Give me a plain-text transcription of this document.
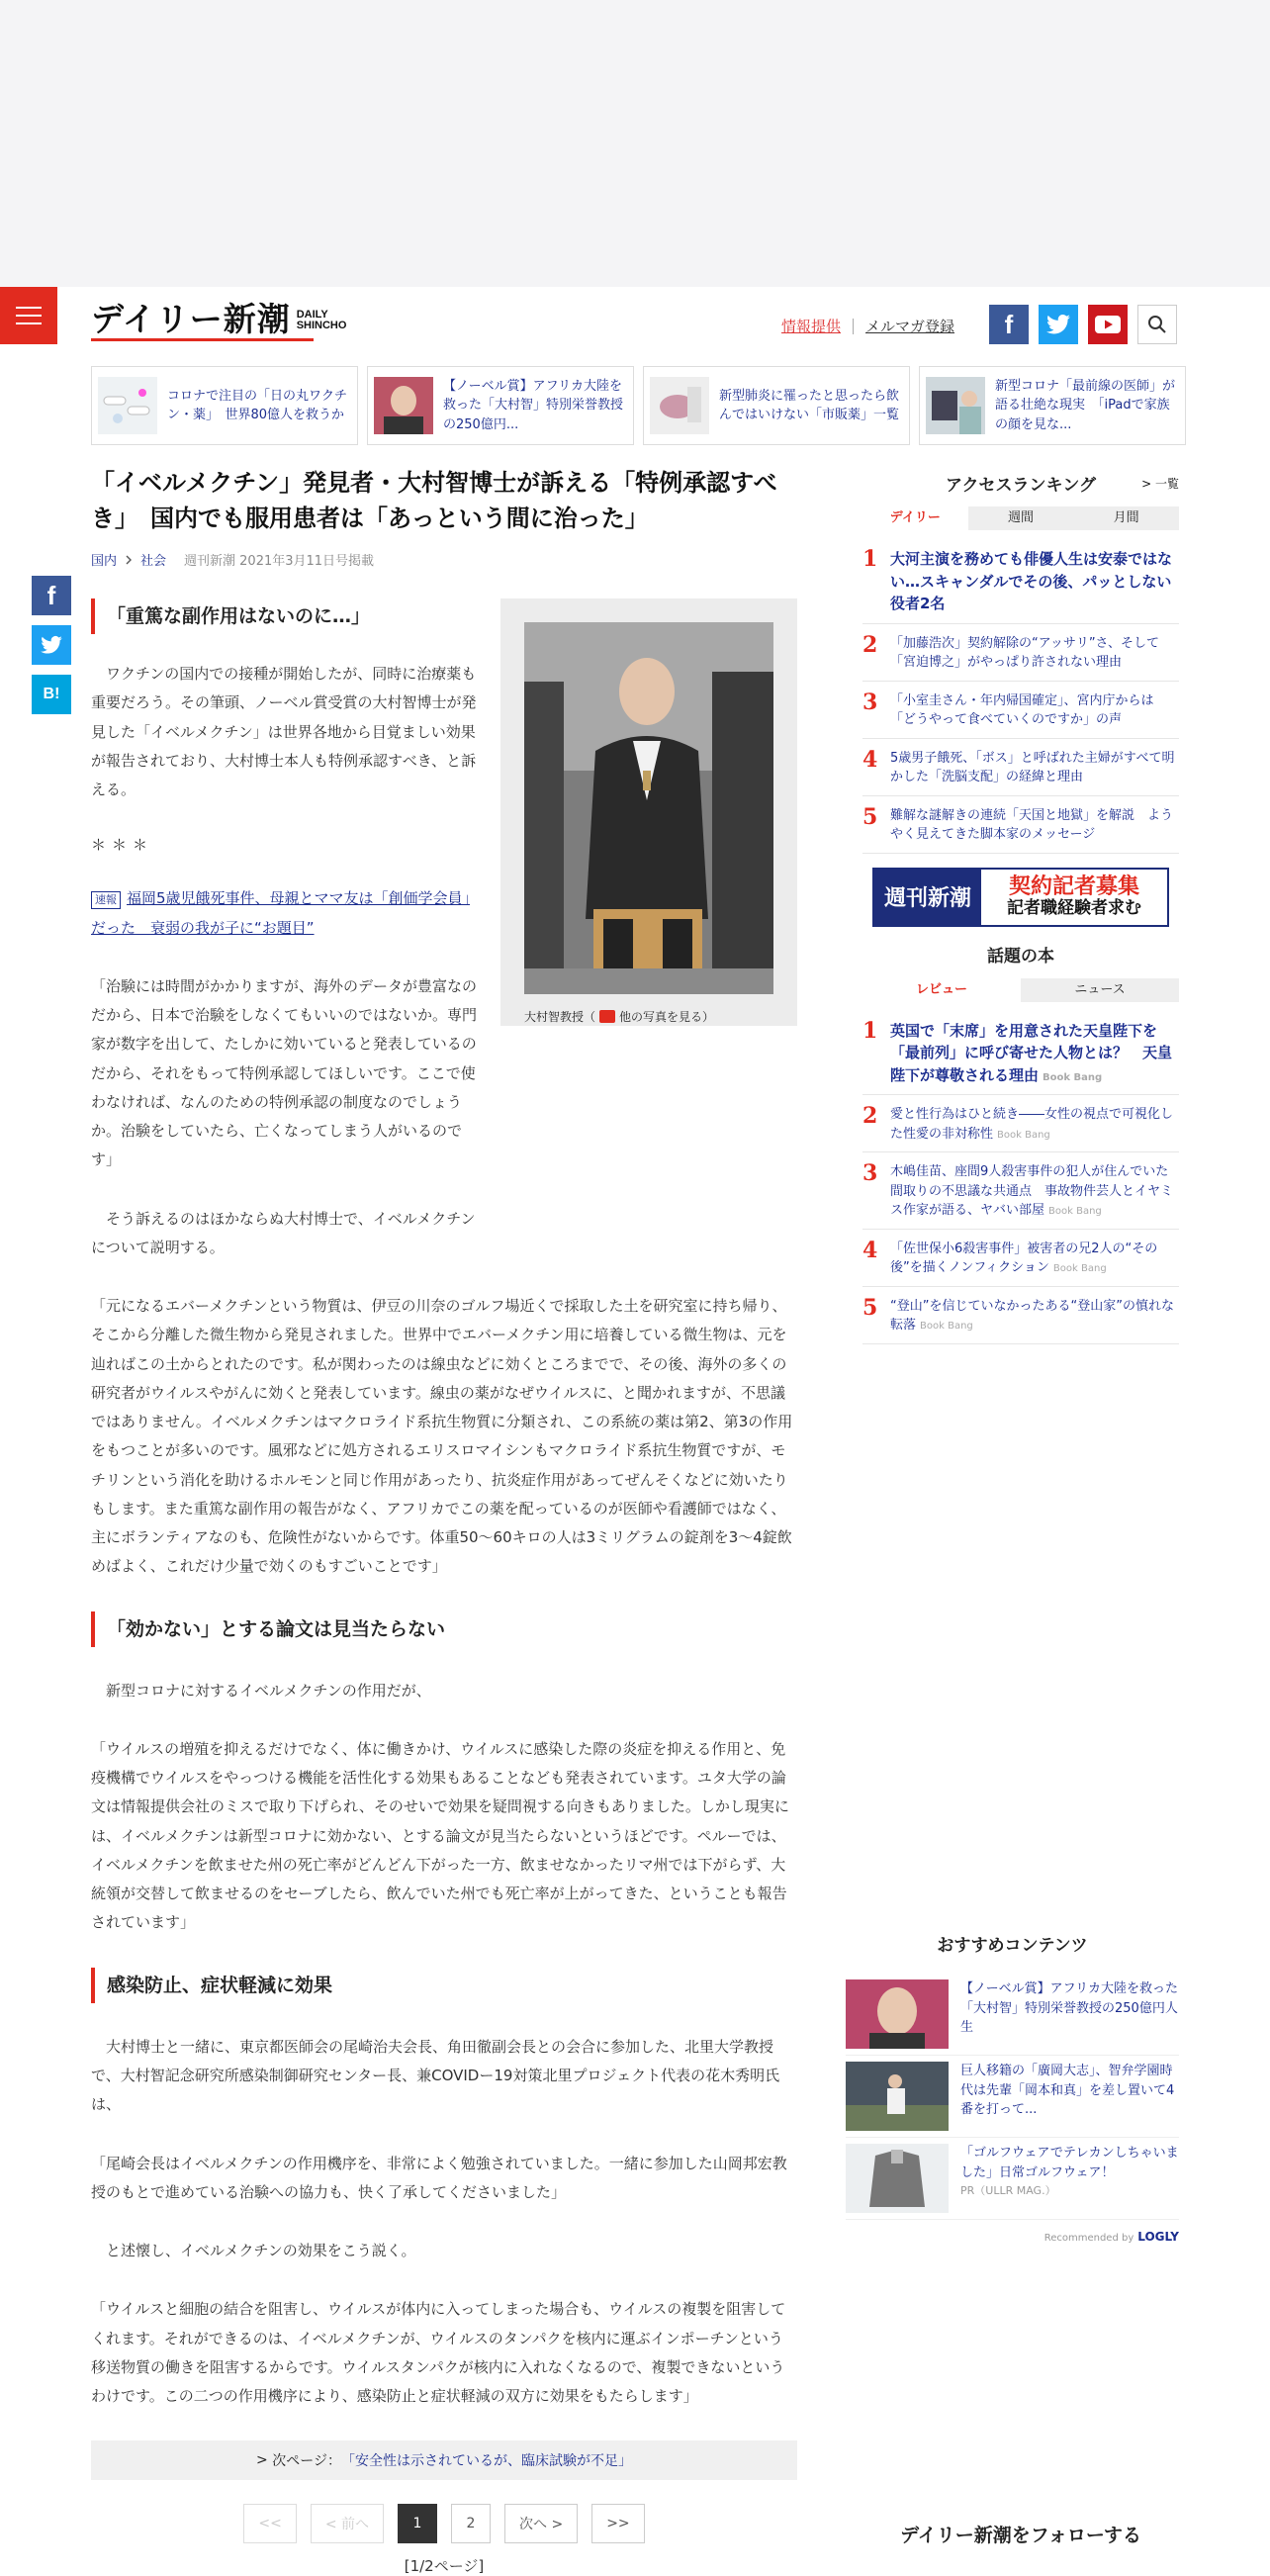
デイリー新潮 DAILY
SHINCHO	情報提供 メルマガ登録	f
コロナで注目の「日の丸ワクチン・薬」　世界80億人を救うか
【ノーベル賞】アフリカ大陸を救った「大村智」特別栄誉教授の250億円...
新型肺炎に罹ったと思ったら飲んではいけない「市販薬」一覧
新型コロナ「最前線の医師」が語る壮絶な現実　「iPadで家族の顔を見な...
f
B!
「イベルメクチン」発見者・大村智博士が訴える「特例承認すべき」　国内でも服用患者は「あっという間に治った」
国内 社会 週刊新潮 2021年3月11日号掲載
大村智教授（ 他の写真を見る）
「重篤な副作用はないのに…」

ワクチンの国内での接種が開始したが、同時に治療薬も重要だろう。その筆頭、ノーベル賞受賞の大村智博士が発見した「イベルメクチン」は世界各地から目覚ましい効果が報告されており、大村博士本人も特例承認すべき、と訴える。

＊＊＊
速報 福岡5歳児餓死事件、母親とママ友は「創価学会員」だった　衰弱の我が子に“お題目”

「治験には時間がかかりますが、海外のデータが豊富なのだから、日本で治験をしなくてもいいのではないか。専門家が数字を出して、たしかに効いていると発表しているのだから、それをもって特例承認してほしいです。ここで使わなければ、なんのための特例承認の制度なのでしょうか。治験をしていたら、亡くなってしまう人がいるのです」

そう訴えるのはほかならぬ大村博士で、イベルメクチンについて説明する。

「元になるエバーメクチンという物質は、伊豆の川奈のゴルフ場近くで採取した土を研究室に持ち帰り、そこから分離した微生物から発見されました。世界中でエバーメクチン用に培養している微生物は、元を辿ればこの土からとれたのです。私が関わったのは線虫などに効くところまでで、その後、海外の多くの研究者がウイルスやがんに効くと発表しています。線虫の薬がなぜウイルスに、と聞かれますが、不思議ではありません。イベルメクチンはマクロライド系抗生物質に分類され、この系統の薬は第2、第3の作用をもつことが多いのです。風邪などに処方されるエリスロマイシンもマクロライド系抗生物質ですが、モチリンという消化を助けるホルモンと同じ作用があったり、抗炎症作用があってぜんそくなどに効いたりもします。また重篤な副作用の報告がなく、アフリカでこの薬を配っているのが医師や看護師ではなく、主にボランティアなのも、危険性がないからです。体重50～60キロの人は3ミリグラムの錠剤を3～4錠飲めばよく、これだけ少量で効くのもすごいことです」

「効かない」とする論文は見当たらない

新型コロナに対するイベルメクチンの作用だが、

「ウイルスの増殖を抑えるだけでなく、体に働きかけ、ウイルスに感染した際の炎症を抑える作用と、免疫機構でウイルスをやっつける機能を活性化する効果もあることなども発表されています。ユタ大学の論文は情報提供会社のミスで取り下げられ、そのせいで効果を疑問視する向きもありました。しかし現実には、イベルメクチンは新型コロナに効かない、とする論文が見当たらないというほどです。ペルーでは、イベルメクチンを飲ませた州の死亡率がどんどん下がった一方、飲ませなかったリマ州では下がらず、大統領が交替して飲ませるのをセーブしたら、飲んでいた州でも死亡率が上がってきた、ということも報告されています」

感染防止、症状軽減に効果

大村博士と一緒に、東京都医師会の尾崎治夫会長、角田徹副会長との会合に参加した、北里大学教授で、大村智記念研究所感染制御研究センター長、兼COVIDー19対策北里プロジェクト代表の花木秀明氏は、

「尾崎会長はイベルメクチンの作用機序を、非常によく勉強されていました。一緒に参加した山岡邦宏教授のもとで進めている治験への協力も、快く了承してくださいました」

と述懐し、イベルメクチンの効果をこう説く。

「ウイルスと細胞の結合を阻害し、ウイルスが体内に入ってしまった場合も、ウイルスの複製を阻害してくれます。それができるのは、イベルメクチンが、ウイルスのタンパクを核内に運ぶインポーチンという移送物質の働きを阻害するからです。ウイルスタンパクが核内に入れなくなるので、複製できないというわけです。この二つの作用機序により、感染防止と症状軽減の双方に効果をもたらします」

> 次ページ： 「安全性は示されているが、臨床試験が不足」
<<	< 前へ	1	2	次へ >	>>
[1/2ページ]
アクセスランキング	> 一覧
デイリー	週間	月間
1 大河主演を務めても俳優人生は安泰ではない…スキャンダルでその後、パッとしない役者2名
2 「加藤浩次」契約解除の“アッサリ”さ、そして「宮迫博之」がやっぱり許されない理由
3 「小室圭さん・年内帰国確定」、宮内庁からは「どうやって食べていくのですか」の声
4 5歳男子餓死、「ボス」と呼ばれた主婦がすべて明かした「洗脳支配」の経緯と理由
5 難解な謎解きの連続「天国と地獄」を解説　ようやく見えてきた脚本家のメッセージ
週刊新潮	契約記者募集
記者職経験者求む
話題の本
レビュー	ニュース
1 英国で「末席」を用意された天皇陛下を「最前列」に呼び寄せた人物とは？　天皇陛下が尊敬される理由 Book Bang
2 愛と性行為はひと続き――女性の視点で可視化した性愛の非対称性 Book Bang
3 木嶋佳苗、座間9人殺害事件の犯人が住んでいた間取りの不思議な共通点　事故物件芸人とイヤミス作家が語る、ヤバい部屋 Book Bang
4 「佐世保小6殺害事件」被害者の兄2人の“その後”を描くノンフィクション Book Bang
5 “登山”を信じていなかったある“登山家”の慎れな転落 Book Bang
おすすめコンテンツ
【ノーベル賞】アフリカ大陸を救った「大村智」特別栄誉教授の250億円人生
巨人移籍の「廣岡大志」、智弁学園時代は先輩「岡本和真」を差し置いて4番を打って...
「ゴルフウェアでテレカンしちゃいました」日常ゴルフウェア！
PR（ULLR MAG.）
Recommended by LOGLY
デイリー新潮をフォローする
